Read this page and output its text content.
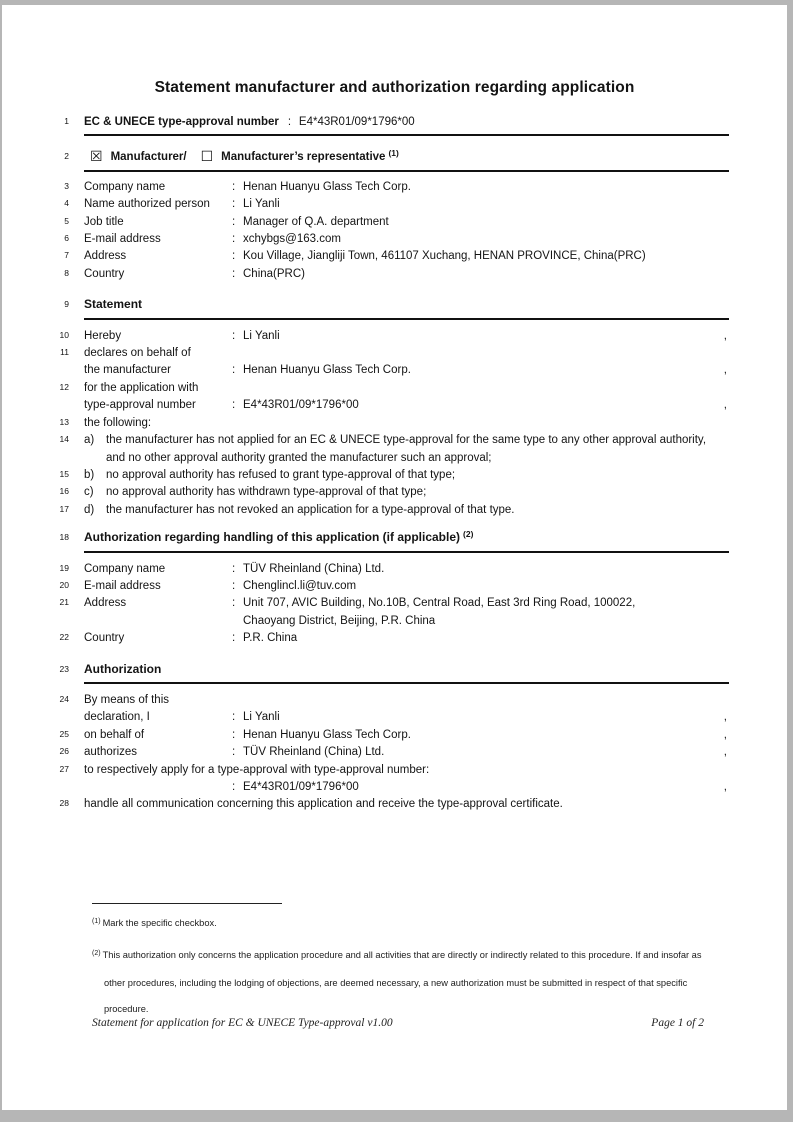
Statement manufacturer and authorization regarding application
1 EC & UNECE type-approval number : E4*43R01/09*1796*00
2 ☒ Manufacturer/ ☐ Manufacturer’s representative (1)
3 Company name	: Henan Huanyu Glass Tech Corp.
4 Name authorized person	: Li Yanli
5 Job title	: Manager of Q.A. department
6 E-mail address	: xchybgs@163.com
7 Address	: Kou Village, Jiangliji Town, 461107 Xuchang, HENAN PROVINCE, China(PRC)
8 Country	: China(PRC)
9 Statement
10 Hereby	: Li Yanli	,
11 declares on behalf of
the manufacturer	: Henan Huanyu Glass Tech Corp.	,
12 for the application with
type-approval number	: E4*43R01/09*1796*00	,
13 the following:
14 a)	the manufacturer has not applied for an EC & UNECE type-approval for the same type to any other approval authority, and no other approval authority granted the manufacturer such an approval;
15 b)	no approval authority has refused to grant type-approval of that type;
16 c)	no approval authority has withdrawn type-approval of that type;
17 d)	the manufacturer has not revoked an application for a type-approval of that type.
18 Authorization regarding handling of this application (if applicable) (2)
19 Company name	: TÜV Rheinland (China) Ltd.
20 E-mail address	: Chenglincl.li@tuv.com
21 Address	: Unit 707, AVIC Building, No.10B, Central Road, East 3rd Ring Road, 100022,
Chaoyang District, Beijing, P.R. China
22 Country	: P.R. China
23 Authorization
24 By means of this
declaration, I	: Li Yanli	,
25 on behalf of	: Henan Huanyu Glass Tech Corp.	,
26 authorizes	: TÜV Rheinland (China) Ltd.	,
27 to respectively apply for a type-approval with type-approval number:
: E4*43R01/09*1796*00	,
28 handle all communication concerning this application and receive the type-approval certificate.
$^{(1)}$ Mark the specific checkbox.
$^{(2)}$ This authorization only concerns the application procedure and all activities that are directly or indirectly related to this procedure. If and insofar as other procedures, including the lodging of objections, are deemed necessary, a new authorization must be submitted in respect of that specific procedure.
Statement for application for EC & UNECE Type-approval v1.00	Page 1 of 2
